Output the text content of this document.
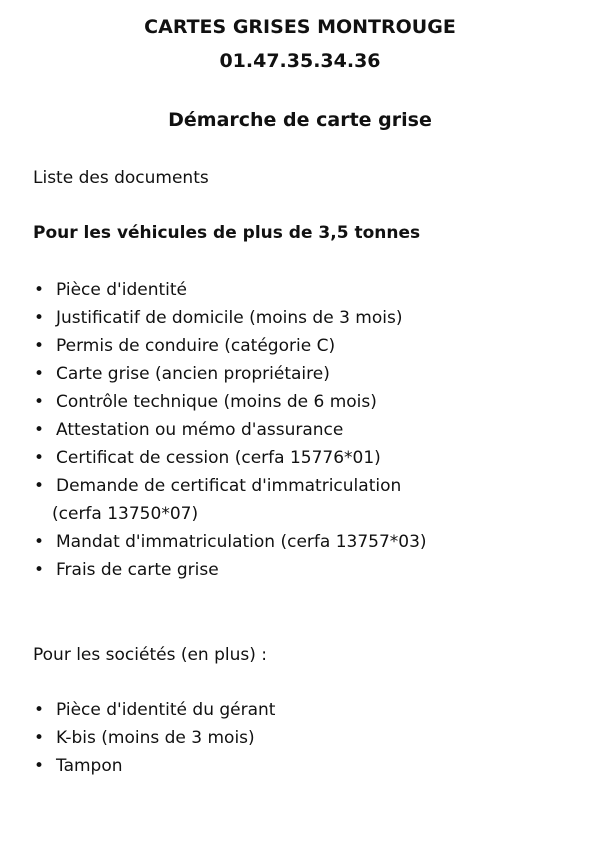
CARTES GRISES MONTROUGE
01.47.35.34.36
Démarche de carte grise
Liste des documents
Pour les véhicules de plus de 3,5 tonnes
• Pièce d'identité
• Justificatif de domicile (moins de 3 mois)
• Permis de conduire (catégorie C)
• Carte grise (ancien propriétaire)
• Contrôle technique (moins de 6 mois)
• Attestation ou mémo d'assurance
• Certificat de cession (cerfa 15776*01)
• Demande de certificat d'immatriculation
(cerfa 13750*07)
• Mandat d'immatriculation (cerfa 13757*03)
• Frais de carte grise
Pour les sociétés (en plus) :
• Pièce d'identité du gérant
• K-bis (moins de 3 mois)
• Tampon
